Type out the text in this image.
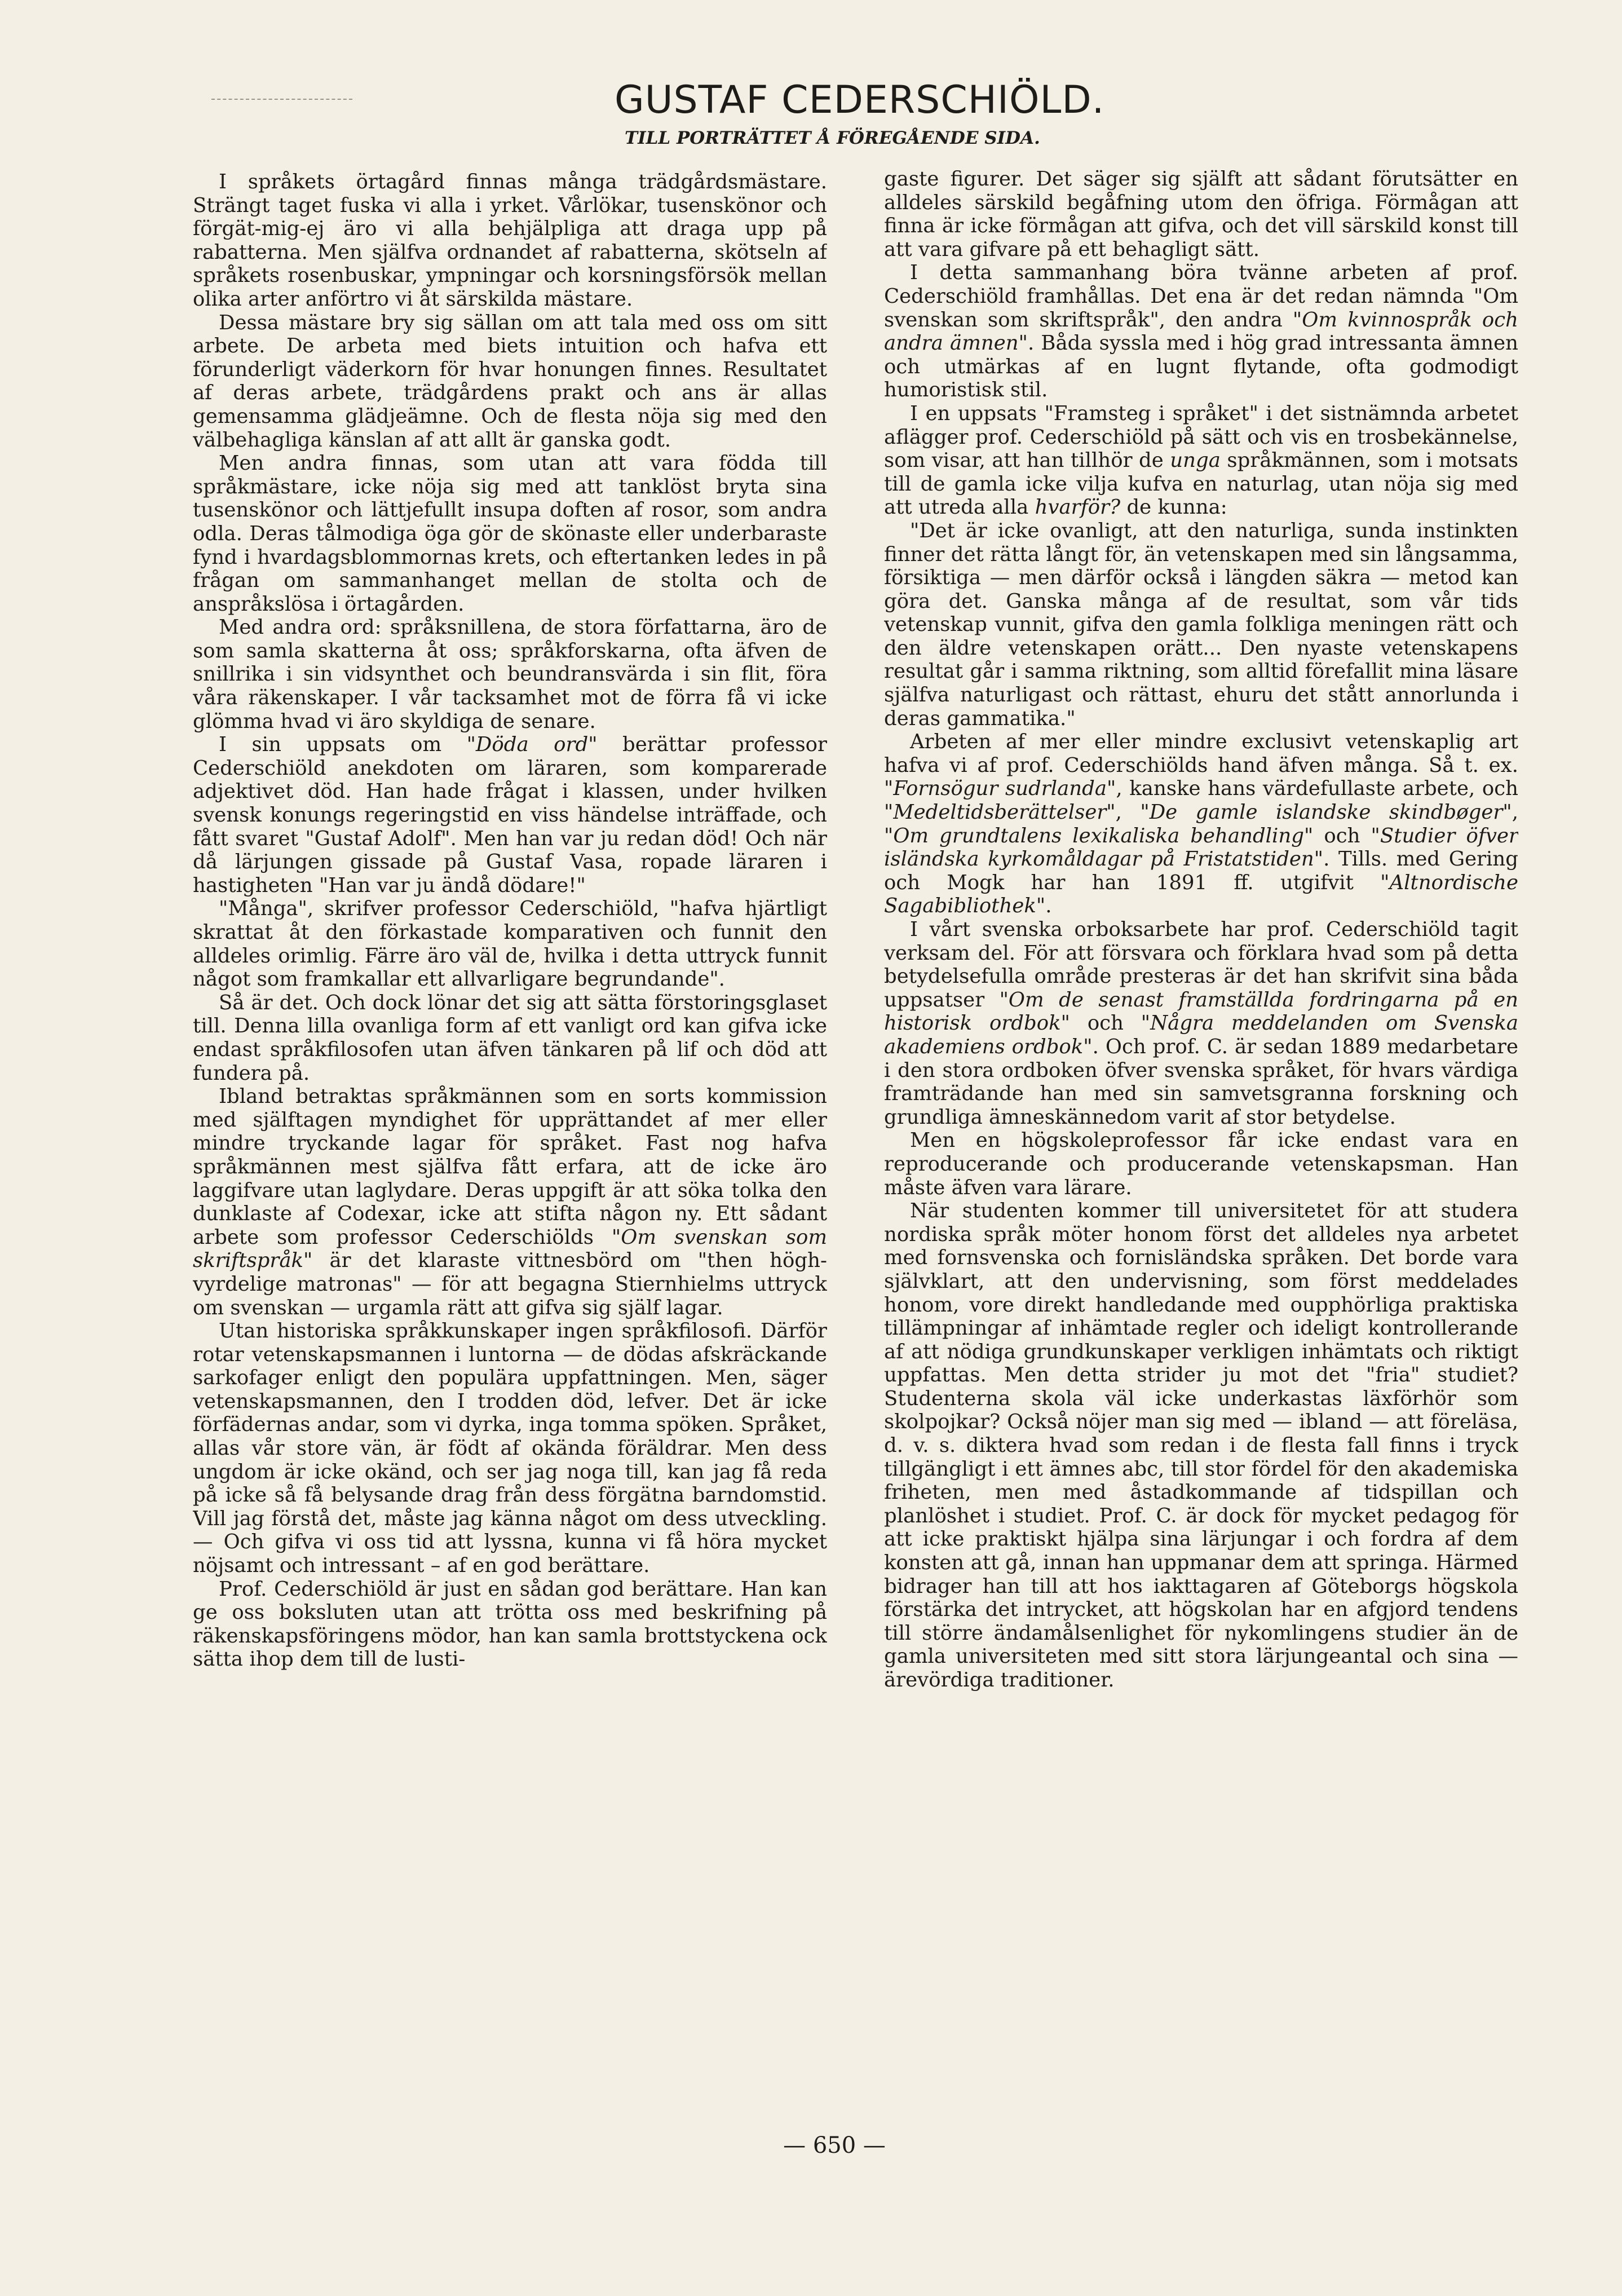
GUSTAF CEDERSCHIÖLD.
TILL PORTRÄTTET Å FÖREGÅENDE SIDA.

I språkets örtagård finnas många trädgårdsmästare. Strängt taget fuska vi alla i yrket. Vårlökar, tusenskönor och förgät-mig-ej äro vi alla behjälpliga att draga upp på rabatterna. Men själfva ordnandet af rabatterna, skötseln af språkets rosenbuskar, ympningar och korsningsförsök mellan olika arter anförtro vi åt särskilda mästare.

Dessa mästare bry sig sällan om att tala med oss om sitt arbete. De arbeta med biets intuition och hafva ett förunderligt väderkorn för hvar honungen finnes. Resultatet af deras arbete, trädgårdens prakt och ans är allas gemensamma glädjeämne. Och de flesta nöja sig med den välbehagliga känslan af att allt är ganska godt.

Men andra finnas, som utan att vara födda till språkmästare, icke nöja sig med att tanklöst bryta sina tusenskönor och lättjefullt insupa doften af rosor, som andra odla. Deras tålmodiga öga gör de skönaste eller underbaraste fynd i hvardagsblommornas krets, och eftertanken ledes in på frågan om sammanhanget mellan de stolta och de anspråkslösa i örtagården.

Med andra ord: språksnillena, de stora författarna, äro de som samla skatterna åt oss; språkforskarna, ofta äfven de snillrika i sin vidsynthet och beundransvärda i sin flit, föra våra räkenskaper. I vår tacksamhet mot de förra få vi icke glömma hvad vi äro skyldiga de senare.

I sin uppsats om "Döda ord" berättar professor Cederschiöld anekdoten om läraren, som komparerade adjektivet död. Han hade frågat i klassen, under hvilken svensk konungs regeringstid en viss händelse inträffade, och fått svaret "Gustaf Adolf". Men han var ju redan död! Och när då lärjungen gissade på Gustaf Vasa, ropade läraren i hastigheten "Han var ju ändå dödare!"

"Många", skrifver professor Cederschiöld, "hafva hjärtligt skrattat åt den förkastade komparativen och funnit den alldeles orimlig. Färre äro väl de, hvilka i detta uttryck funnit något som framkallar ett allvarligare begrundande".

Så är det. Och dock lönar det sig att sätta förstoringsglaset till. Denna lilla ovanliga form af ett vanligt ord kan gifva icke endast språkfilosofen utan äfven tänkaren på lif och död att fundera på.

Ibland betraktas språkmännen som en sorts kommission med själftagen myndighet för upprättandet af mer eller mindre tryckande lagar för språket. Fast nog hafva språkmännen mest själfva fått erfara, att de icke äro laggifvare utan laglydare. Deras uppgift är att söka tolka den dunklaste af Codexar, icke att stifta någon ny. Ett sådant arbete som professor Cederschiölds "Om svenskan som skriftspråk" är det klaraste vittnesbörd om "then högh-vyrdelige matronas" — för att begagna Stiernhielms uttryck om svenskan — urgamla rätt att gifva sig själf lagar.

Utan historiska språkkunskaper ingen språkfilosofi. Därför rotar vetenskapsmannen i luntorna — de dödas afskräckande sarkofager enligt den populära uppfattningen. Men, säger vetenskapsmannen, den I trodden död, lefver. Det är icke förfädernas andar, som vi dyrka, inga tomma spöken. Språket, allas vår store vän, är födt af okända föräldrar. Men dess ungdom är icke okänd, och ser jag noga till, kan jag få reda på icke så få belysande drag från dess förgätna barndomstid. Vill jag förstå det, måste jag känna något om dess utveckling. — Och gifva vi oss tid att lyssna, kunna vi få höra mycket nöjsamt och intressant – af en god berättare.

Prof. Cederschiöld är just en sådan god berättare. Han kan ge oss boksluten utan att trötta oss med beskrifning på räkenskapsföringens mödor, han kan samla brottstyckena ock sätta ihop dem till de lusti-

gaste figurer. Det säger sig själft att sådant förutsätter en alldeles särskild begåfning utom den öfriga. Förmågan att finna är icke förmågan att gifva, och det vill särskild konst till att vara gifvare på ett behagligt sätt.

I detta sammanhang böra tvänne arbeten af prof. Cederschiöld framhållas. Det ena är det redan nämnda "Om svenskan som skriftspråk", den andra "Om kvinnospråk och andra ämnen". Båda syssla med i hög grad intressanta ämnen och utmärkas af en lugnt flytande, ofta godmodigt humoristisk stil.

I en uppsats "Framsteg i språket" i det sistnämnda arbetet aflägger prof. Cederschiöld på sätt och vis en trosbekännelse, som visar, att han tillhör de unga språkmännen, som i motsats till de gamla icke vilja kufva en naturlag, utan nöja sig med att utreda alla hvarför? de kunna:

"Det är icke ovanligt, att den naturliga, sunda instinkten finner det rätta långt för, än vetenskapen med sin långsamma, försiktiga — men därför också i längden säkra — metod kan göra det. Ganska många af de resultat, som vår tids vetenskap vunnit, gifva den gamla folkliga meningen rätt och den äldre vetenskapen orätt... Den nyaste vetenskapens resultat går i samma riktning, som alltid förefallit mina läsare själfva naturligast och rättast, ehuru det stått annorlunda i deras gammatika."

Arbeten af mer eller mindre exclusivt vetenskaplig art hafva vi af prof. Cederschiölds hand äfven många. Så t. ex. "Fornsögur sudrlanda", kanske hans värdefullaste arbete, och "Medeltidsberättelser", "De gamle islandske skindbøger", "Om grundtalens lexikaliska behandling" och "Studier öfver isländska kyrkomåldagar på Fristatstiden". Tills. med Gering och Mogk har han 1891 ff. utgifvit "Altnordische Sagabibliothek".

I vårt svenska orboksarbete har prof. Cederschiöld tagit verksam del. För att försvara och förklara hvad som på detta betydelsefulla område presteras är det han skrifvit sina båda uppsatser "Om de senast framställda fordringarna på en historisk ordbok" och "Några meddelanden om Svenska akademiens ordbok". Och prof. C. är sedan 1889 medarbetare i den stora ordboken öfver svenska språket, för hvars värdiga framträdande han med sin samvetsgranna forskning och grundliga ämneskännedom varit af stor betydelse.

Men en högskoleprofessor får icke endast vara en reproducerande och producerande vetenskapsman. Han måste äfven vara lärare.

När studenten kommer till universitetet för att studera nordiska språk möter honom först det alldeles nya arbetet med fornsvenska och fornisländska språken. Det borde vara självklart, att den undervisning, som först meddelades honom, vore direkt handledande med oupphörliga praktiska tillämpningar af inhämtade regler och ideligt kontrollerande af att nödiga grundkunskaper verkligen inhämtats och riktigt uppfattas. Men detta strider ju mot det "fria" studiet? Studenterna skola väl icke underkastas läxförhör som skolpojkar? Också nöjer man sig med — ibland — att föreläsa, d. v. s. diktera hvad som redan i de flesta fall finns i tryck tillgängligt i ett ämnes abc, till stor fördel för den akademiska friheten, men med åstadkommande af tidspillan och planlöshet i studiet. Prof. C. är dock för mycket pedagog för att icke praktiskt hjälpa sina lärjungar i och fordra af dem konsten att gå, innan han uppmanar dem att springa. Härmed bidrager han till att hos iakttagaren af Göteborgs högskola förstärka det intrycket, att högskolan har en afgjord tendens till större ändamålsenlighet för nykomlingens studier än de gamla universiteten med sitt stora lärjungeantal och sina — ärevördiga traditioner.

— 650 —
